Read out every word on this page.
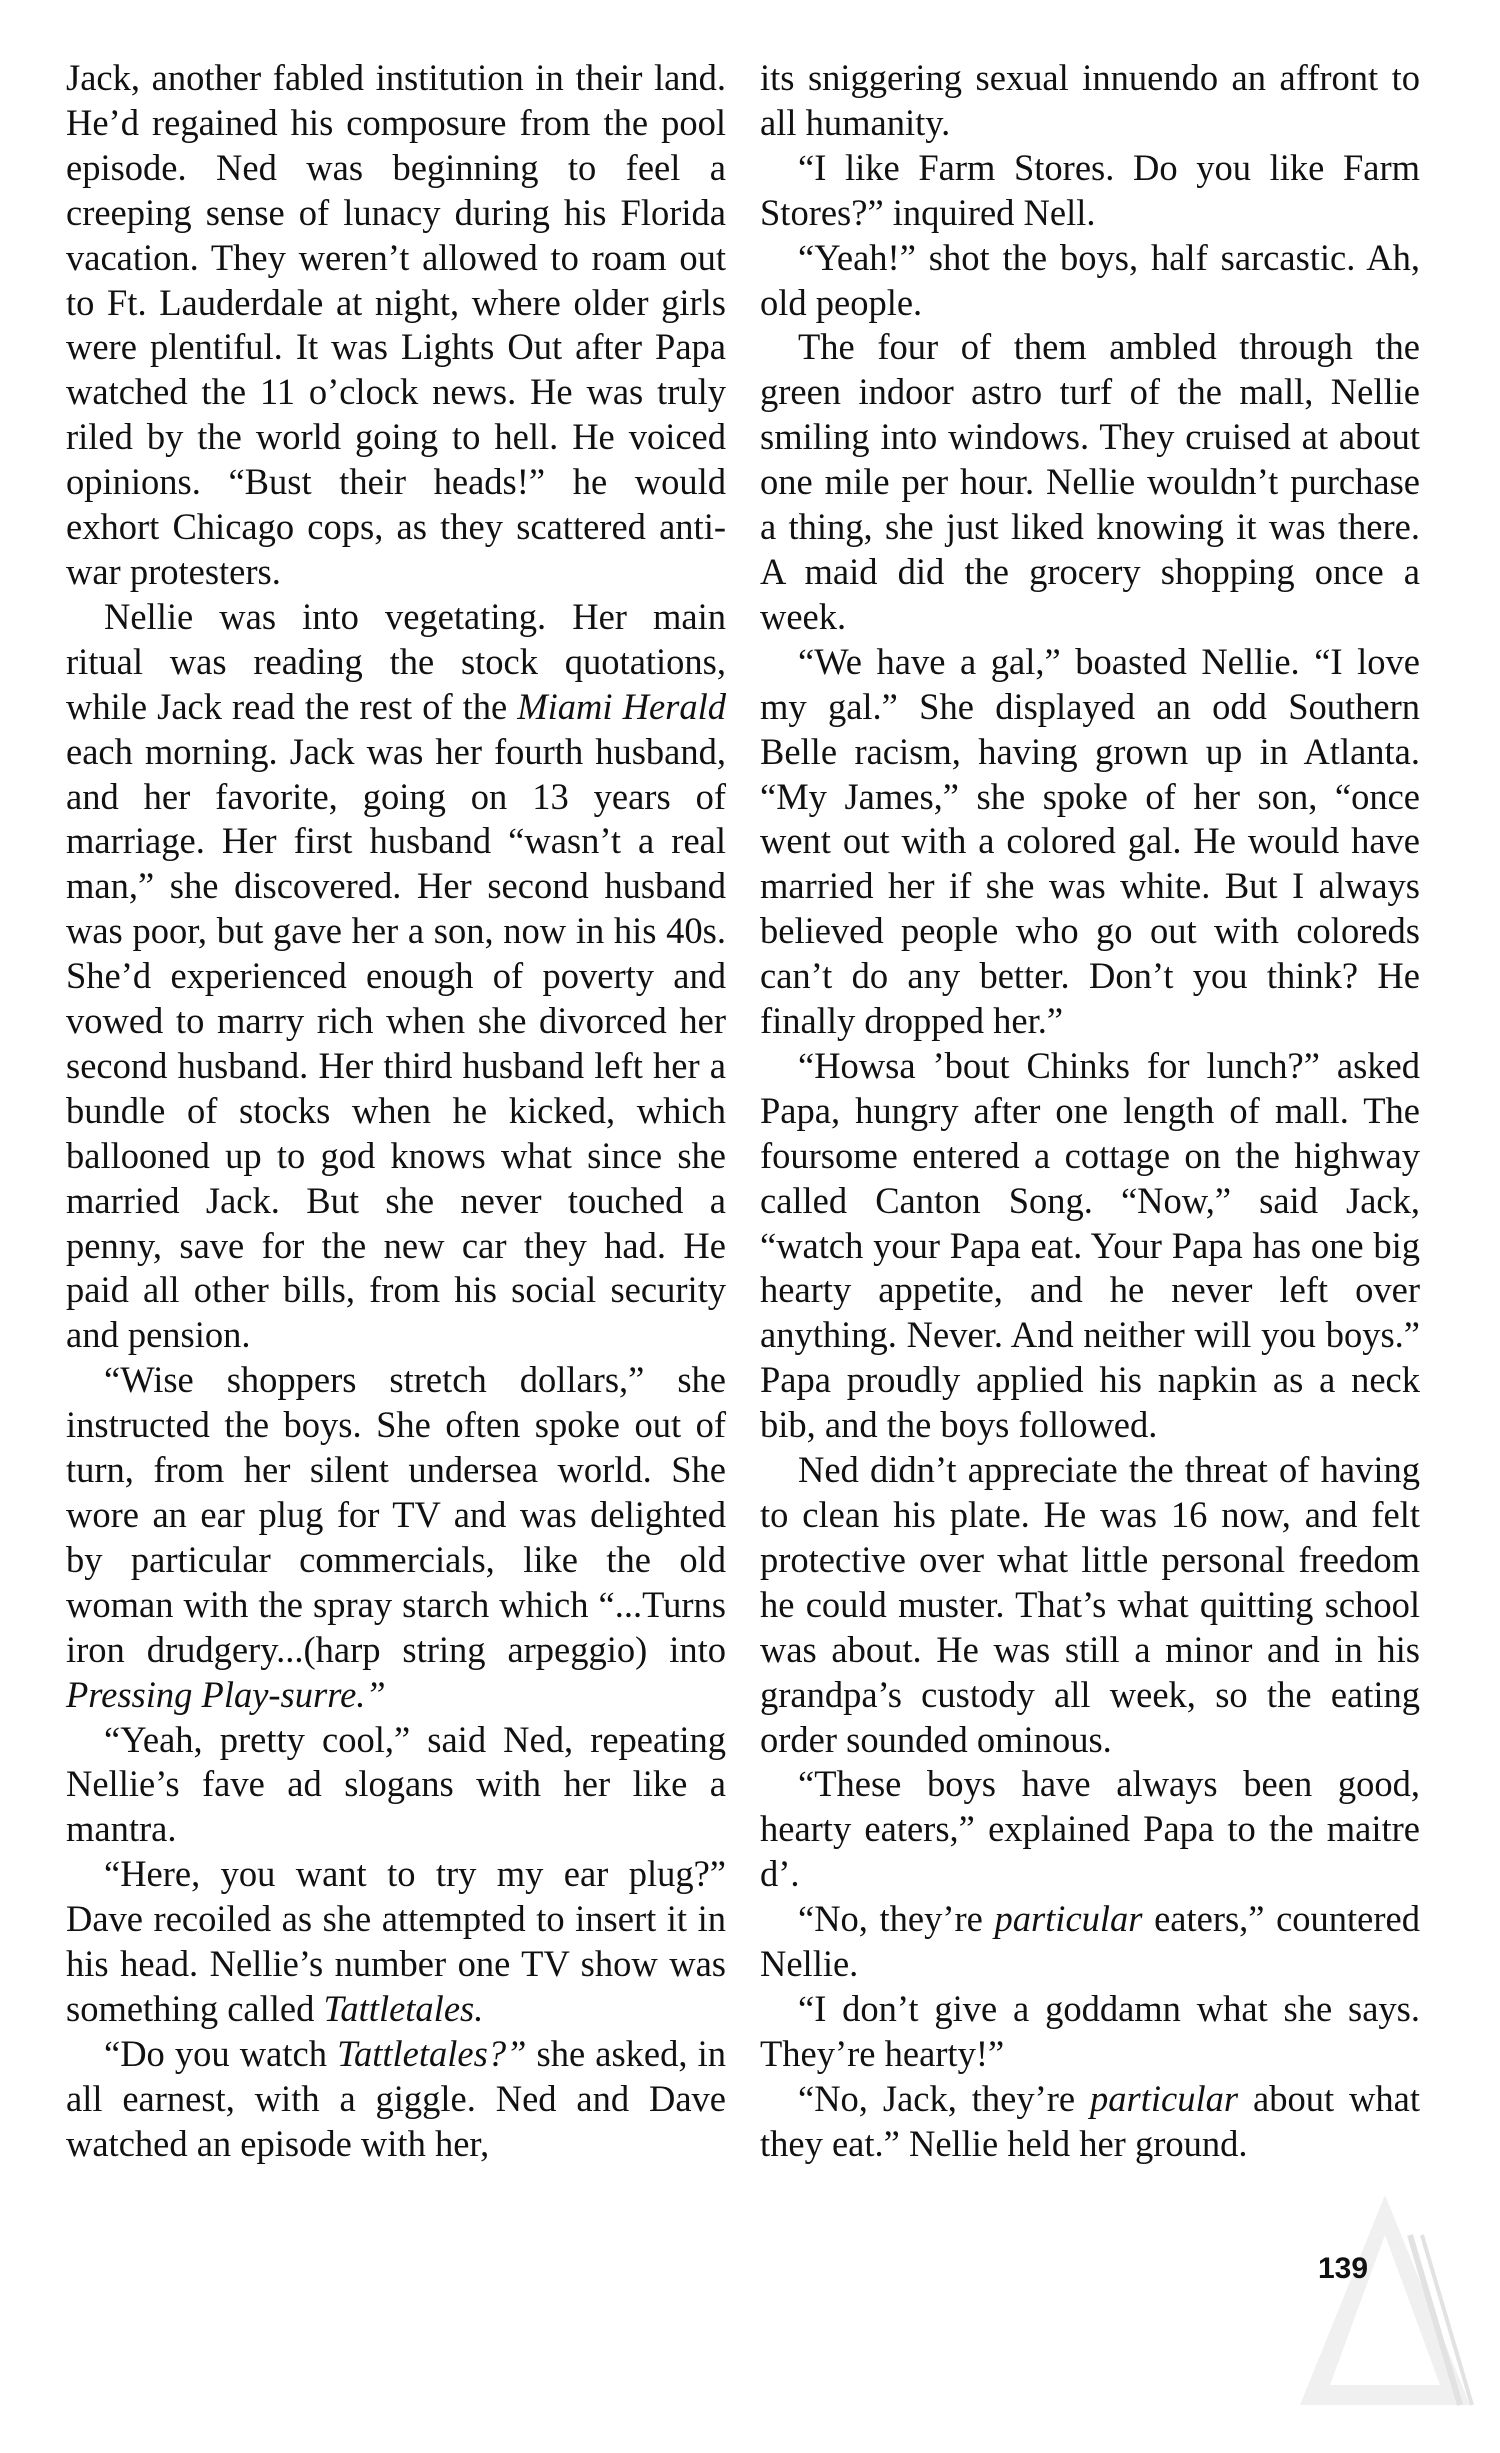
Jack, another fabled institution in their land. He’d regained his composure from the pool episode. Ned was beginning to feel a creeping sense of lunacy during his Florida vacation. They weren’t allowed to roam out to Ft. Lauderdale at night, where older girls were plentiful. It was Lights Out after Papa watched the 11 o’clock news. He was truly riled by the world going to hell. He voiced opinions. “Bust their heads!” he would exhort Chicago cops, as they scattered anti-war protesters.

Nellie was into vegetating. Her main ritual was reading the stock quotations, while Jack read the rest of the Miami Herald each morning. Jack was her fourth husband, and her favorite, going on 13 years of marriage. Her first husband “wasn’t a real man,” she discovered. Her second husband was poor, but gave her a son, now in his 40s. She’d experienced enough of poverty and vowed to marry rich when she divorced her second husband. Her third husband left her a bundle of stocks when he kicked, which ballooned up to god knows what since she married Jack. But she never touched a penny, save for the new car they had. He paid all other bills, from his social security and pension.

“Wise shoppers stretch dollars,” she instructed the boys. She often spoke out of turn, from her silent undersea world. She wore an ear plug for TV and was delighted by particular commercials, like the old woman with the spray starch which “...Turns iron drudgery...(harp string arpeggio) into Pressing Play-surre.”

“Yeah, pretty cool,” said Ned, repeating Nellie’s fave ad slogans with her like a mantra.

“Here, you want to try my ear plug?” Dave recoiled as she attempted to insert it in his head. Nellie’s number one TV show was something called Tattletales.

“Do you watch Tattletales?” she asked, in all earnest, with a giggle. Ned and Dave watched an episode with her,

its sniggering sexual innuendo an affront to all humanity.

“I like Farm Stores. Do you like Farm Stores?” inquired Nell.

“Yeah!” shot the boys, half sarcastic. Ah, old people.

The four of them ambled through the green indoor astro turf of the mall, Nellie smiling into windows. They cruised at about one mile per hour. Nellie wouldn’t purchase a thing, she just liked knowing it was there. A maid did the grocery shopping once a week.

“We have a gal,” boasted Nellie. “I love my gal.” She displayed an odd Southern Belle racism, having grown up in Atlanta. “My James,” she spoke of her son, “once went out with a colored gal. He would have married her if she was white. But I always believed people who go out with coloreds can’t do any better. Don’t you think? He finally dropped her.”

“Howsa ’bout Chinks for lunch?” asked Papa, hungry after one length of mall. The foursome entered a cottage on the highway called Canton Song. “Now,” said Jack, “watch your Papa eat. Your Papa has one big hearty appetite, and he never left over anything. Never. And neither will you boys.” Papa proudly applied his napkin as a neck bib, and the boys followed.

Ned didn’t appreciate the threat of having to clean his plate. He was 16 now, and felt protective over what little personal freedom he could muster. That’s what quitting school was about. He was still a minor and in his grandpa’s custody all week, so the eating order sounded ominous.

“These boys have always been good, hearty eaters,” explained Papa to the maitre d’.

“No, they’re particular eaters,” countered Nellie.

“I don’t give a goddamn what she says. They’re hearty!”

“No, Jack, they’re particular about what they eat.” Nellie held her ground.

139
